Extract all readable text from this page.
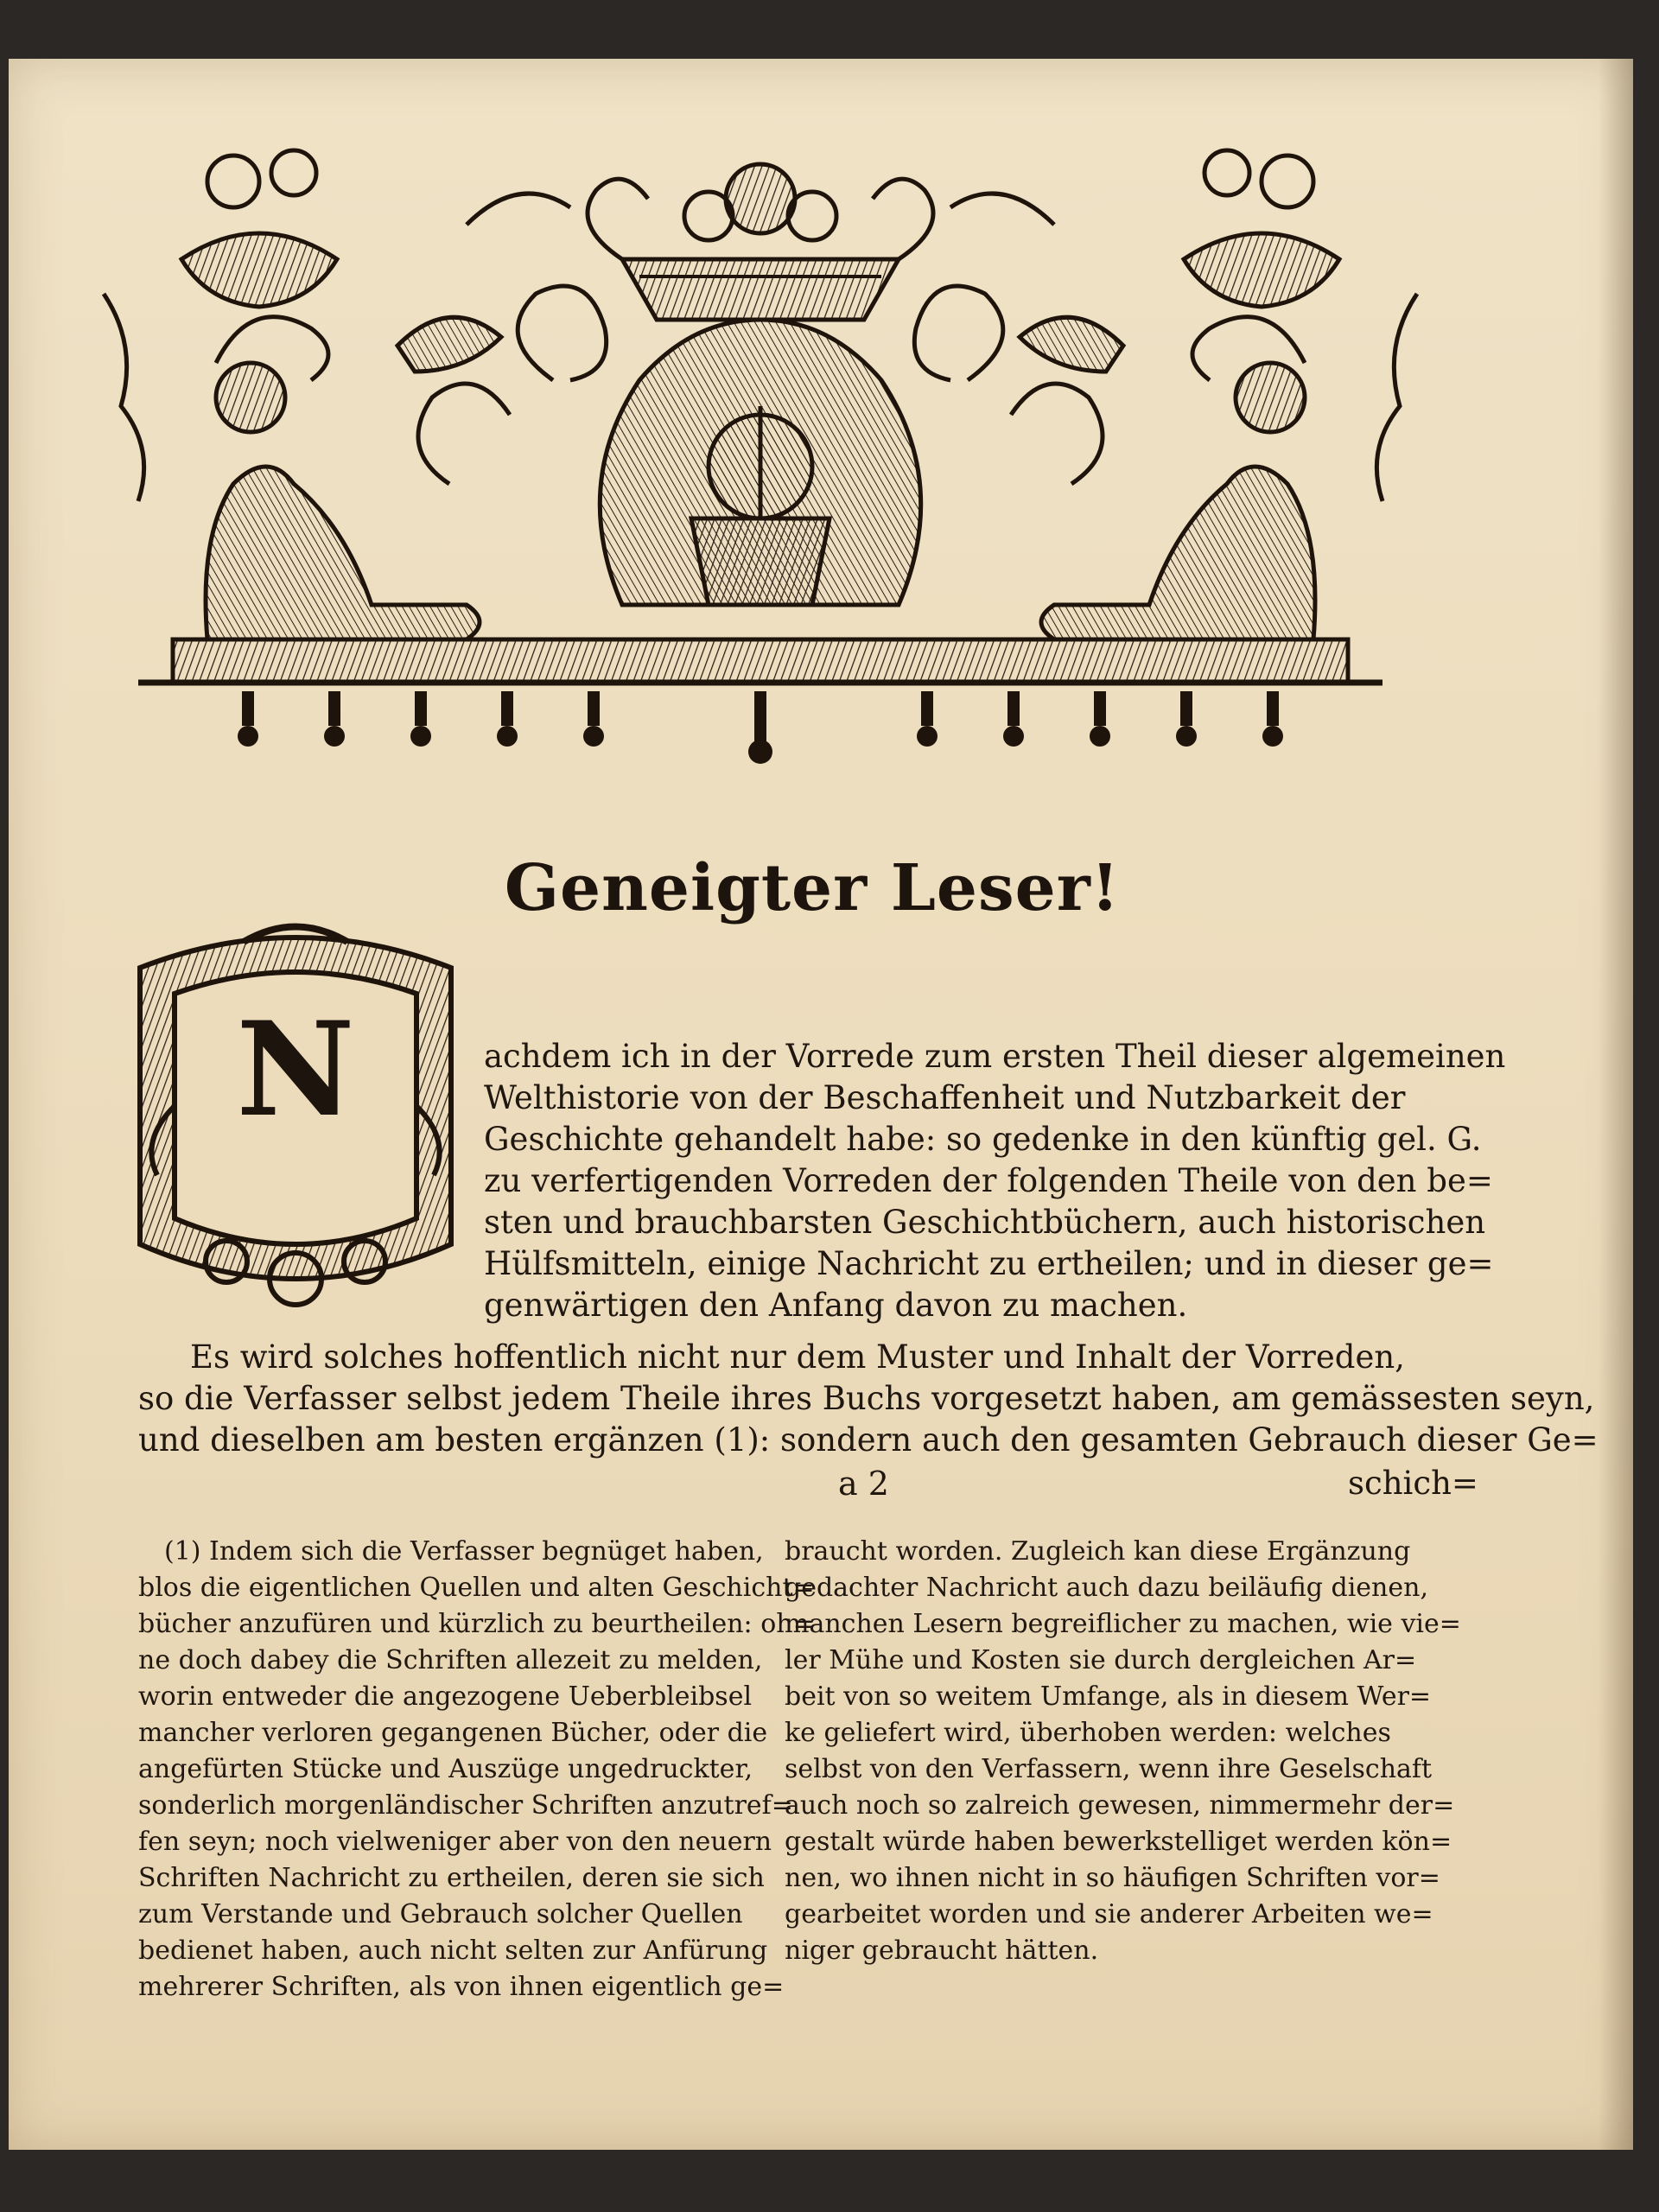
Geneigter Leser!
N	achdem ich in der Vorrede zum ersten Theil dieser algemeinen

Welthistorie von der Beschaffenheit und Nutzbarkeit der

Geschichte gehandelt habe: so gedenke in den künftig gel. G.

zu verfertigenden Vorreden der folgenden Theile von den be=

sten und brauchbarsten Geschichtbüchern, auch historischen

Hülfsmitteln, einige Nachricht zu ertheilen; und in dieser ge=

genwärtigen den Anfang davon zu machen.

Es wird solches hoffentlich nicht nur dem Muster und Inhalt der Vorreden,

so die Verfasser selbst jedem Theile ihres Buchs vorgesetzt haben, am gemässesten seyn,

und dieselben am besten ergänzen (1): sondern auch den gesamten Gebrauch dieser Ge=

a 2	schich=

(1) Indem sich die Verfasser begnüget haben,

blos die eigentlichen Quellen und alten Geschicht=

bücher anzufüren und kürzlich zu beurtheilen: oh=

ne doch dabey die Schriften allezeit zu melden,

worin entweder die angezogene Ueberbleibsel

mancher verloren gegangenen Bücher, oder die

angefürten Stücke und Auszüge ungedruckter,

sonderlich morgenländischer Schriften anzutref=

fen seyn; noch vielweniger aber von den neuern

Schriften Nachricht zu ertheilen, deren sie sich

zum Verstande und Gebrauch solcher Quellen

bedienet haben, auch nicht selten zur Anfürung

mehrerer Schriften, als von ihnen eigentlich ge=

braucht worden. Zugleich kan diese Ergänzung

gedachter Nachricht auch dazu beiläufig dienen,

manchen Lesern begreiflicher zu machen, wie vie=

ler Mühe und Kosten sie durch dergleichen Ar=

beit von so weitem Umfange, als in diesem Wer=

ke geliefert wird, überhoben werden: welches

selbst von den Verfassern, wenn ihre Geselschaft

auch noch so zalreich gewesen, nimmermehr der=

gestalt würde haben bewerkstelliget werden kön=

nen, wo ihnen nicht in so häufigen Schriften vor=

gearbeitet worden und sie anderer Arbeiten we=

niger gebraucht hätten.
